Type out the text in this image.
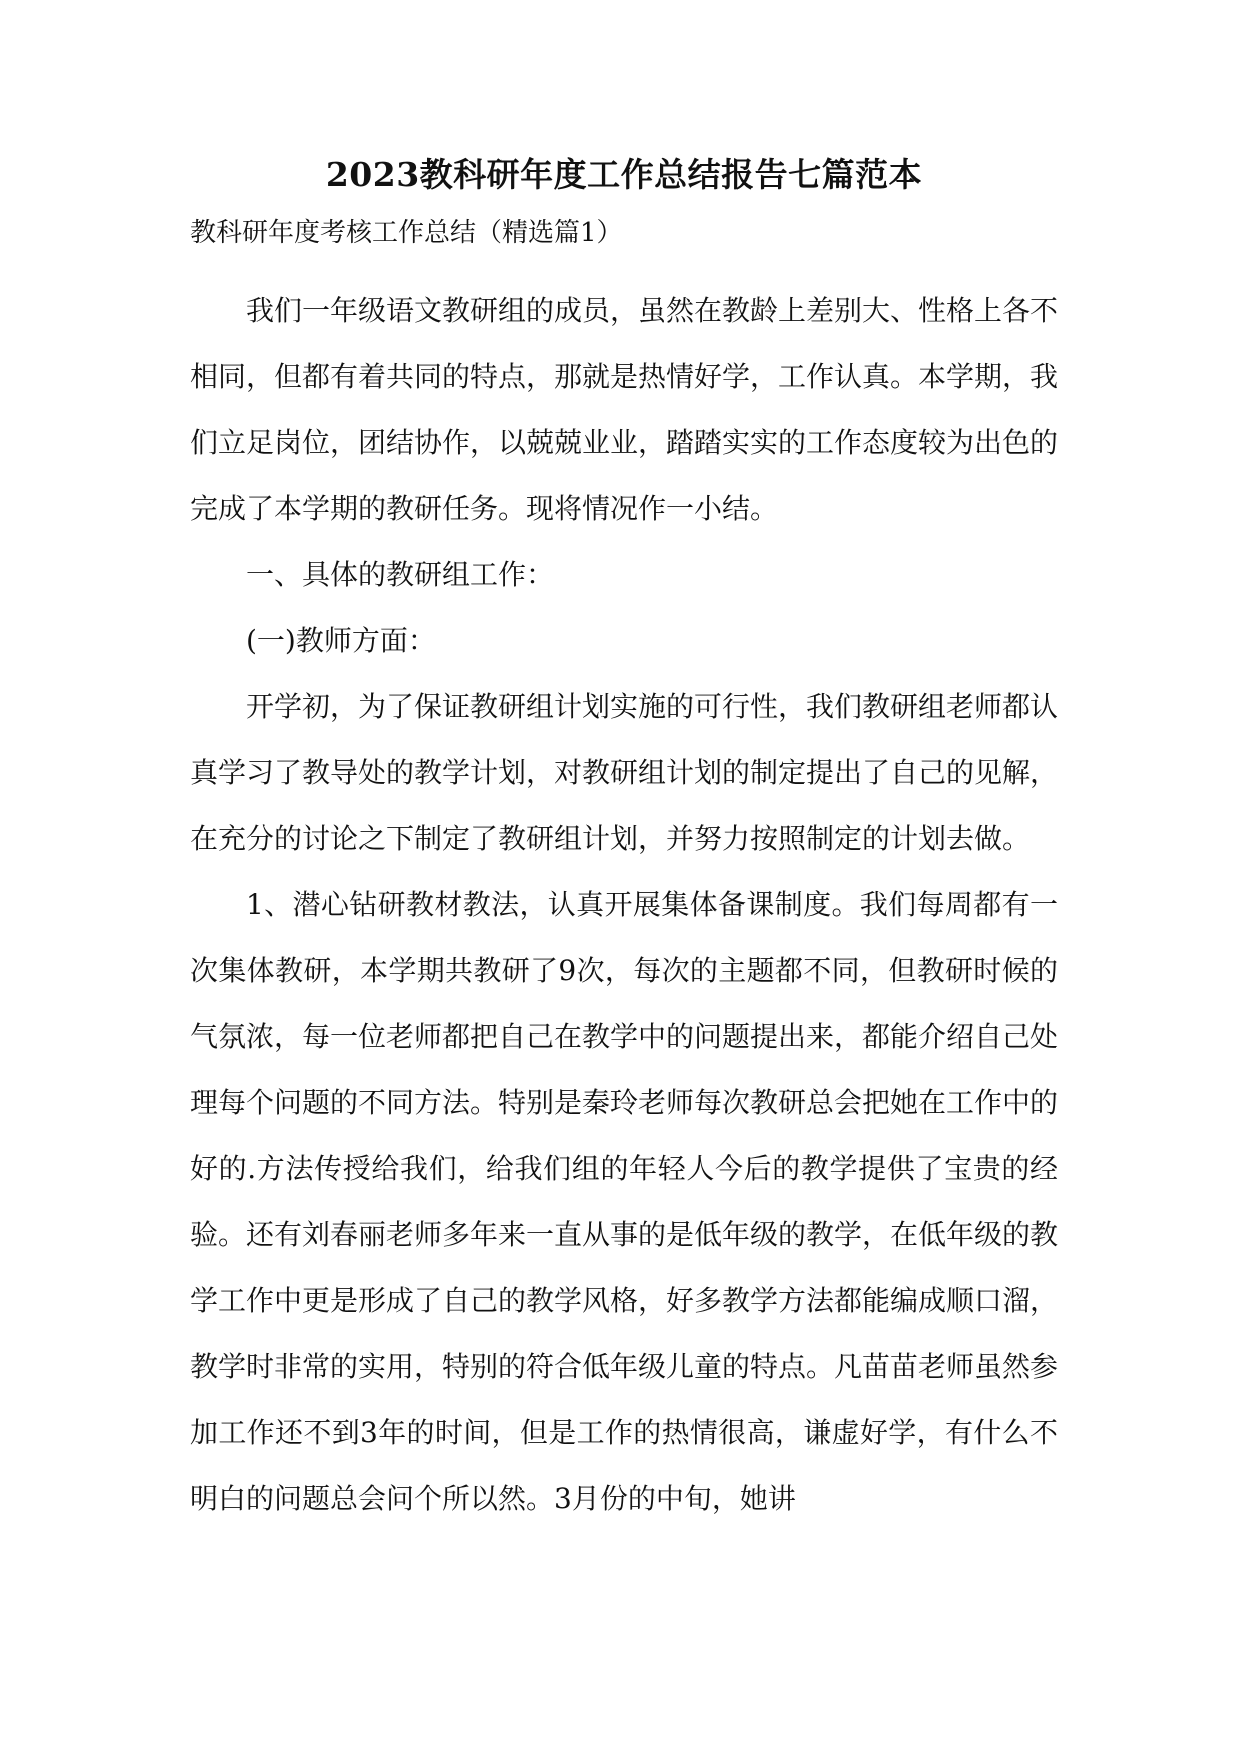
2023教科研年度工作总结报告七篇范本
教科研年度考核工作总结（精选篇1）

我们一年级语文教研组的成员，虽然在教龄上差别大、性格上各不相同，但都有着共同的特点，那就是热情好学，工作认真。本学期，我们立足岗位，团结协作，以兢兢业业，踏踏实实的工作态度较为出色的完成了本学期的教研任务。现将情况作一小结。

一、具体的教研组工作：

(一)教师方面：

开学初，为了保证教研组计划实施的可行性，我们教研组老师都认真学习了教导处的教学计划，对教研组计划的制定提出了自己的见解，在充分的讨论之下制定了教研组计划，并努力按照制定的计划去做。

1、潜心钻研教材教法，认真开展集体备课制度。我们每周都有一次集体教研，本学期共教研了9次，每次的主题都不同，但教研时候的气氛浓，每一位老师都把自己在教学中的问题提出来，都能介绍自己处理每个问题的不同方法。特别是秦玲老师每次教研总会把她在工作中的好的.方法传授给我们，给我们组的年轻人今后的教学提供了宝贵的经验。还有刘春丽老师多年来一直从事的是低年级的教学，在低年级的教学工作中更是形成了自己的教学风格，好多教学方法都能编成顺口溜，教学时非常的实用，特别的符合低年级儿童的特点。凡苗苗老师虽然参加工作还不到3年的时间，但是工作的热情很高，谦虚好学，有什么不明白的问题总会问个所以然。3月份的中旬，她讲
